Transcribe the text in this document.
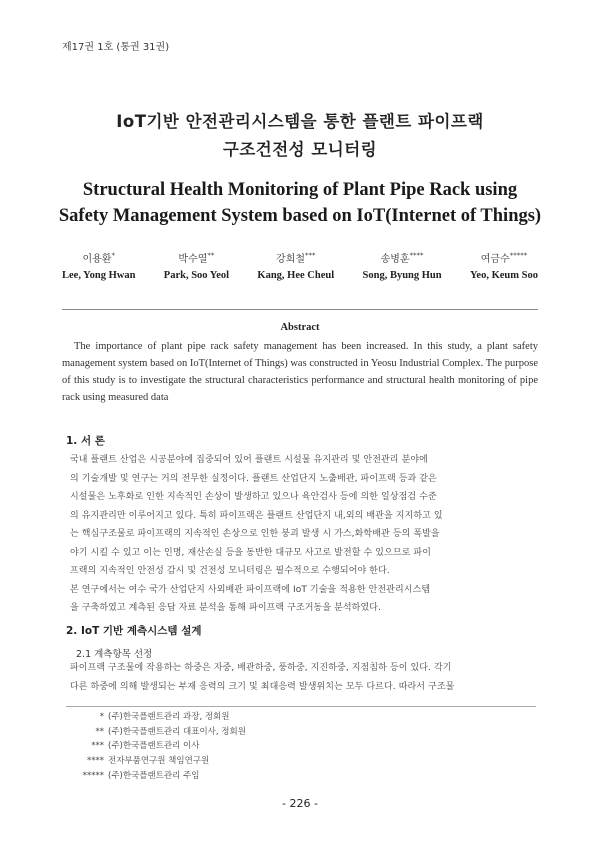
제17권 1호 (통권 31권)
IoT기반 안전관리시스템을 통한 플랜트 파이프랙
구조건전성 모니터링
Structural Health Monitoring of Plant Pipe Rack using
Safety Management System based on IoT(Internet of Things)
이용환*
Lee, Yong Hwan
박수열**
Park, Soo Yeol
강희철***
Kang, Hee Cheul
송병훈****
Song, Byung Hun
여금수*****
Yeo, Keum Soo
Abstract

The importance of plant pipe rack safety management has been increased. In this study, a plant safety management system based on IoT(Internet of Things) was constructed in Yeosu Industrial Complex. The purpose of this study is to investigate the structural characteristics performance and structural health monitoring of pipe rack using measured data

1. 서 론
국내 플랜트 산업은 시공분야에 집중되어 있어 플랜트 시설물 유지관리 및 안전관리 분야에
의 기술개발 및 연구는 거의 전무한 실정이다. 플랜트 산업단지 노출배관, 파이프랙 등과 같은
시설물은 노후화로 인한 지속적인 손상이 발생하고 있으나 육안검사 등에 의한 일상점검 수준
의 유지관리만 이루어지고 있다. 특히 파이프랙은 플랜트 산업단지 내,외의 배관을 지지하고 있
는 핵심구조물로 파이프랙의 지속적인 손상으로 인한 붕괴 발생 시 가스,화학배관 등의 폭발을
야기 시킬 수 있고 이는 인명, 재산손실 등을 동반한 대규모 사고로 발전할 수 있으므로 파이
프랙의 지속적인 안전성 감시 및 건전성 모니터링은 필수적으로 수행되어야 한다.
본 연구에서는 여수 국가 산업단지 사외배관 파이프랙에 IoT 기술을 적용한 안전관리시스템
을 구축하였고 계측된 응답 자료 분석을 통해 파이프랙 구조거동을 분석하였다.
2. IoT 기반 계측시스템 설계
2.1 계측항목 선정
파이프랙 구조물에 작용하는 하중은 자중, 배관하중, 풍하중, 지진하중, 지점침하 등이 있다. 각기
다른 하중에 의해 발생되는 부재 응력의 크기 및 최대응력 발생위치는 모두 다르다. 따라서 구조물
* (주)한국플랜트관리 과장, 정회원
** (주)한국플랜트관리 대표이사, 정회원
*** (주)한국플랜트관리 이사
**** 전자부품연구원 책임연구원
***** (주)한국플랜트관리 주임
- 226 -
